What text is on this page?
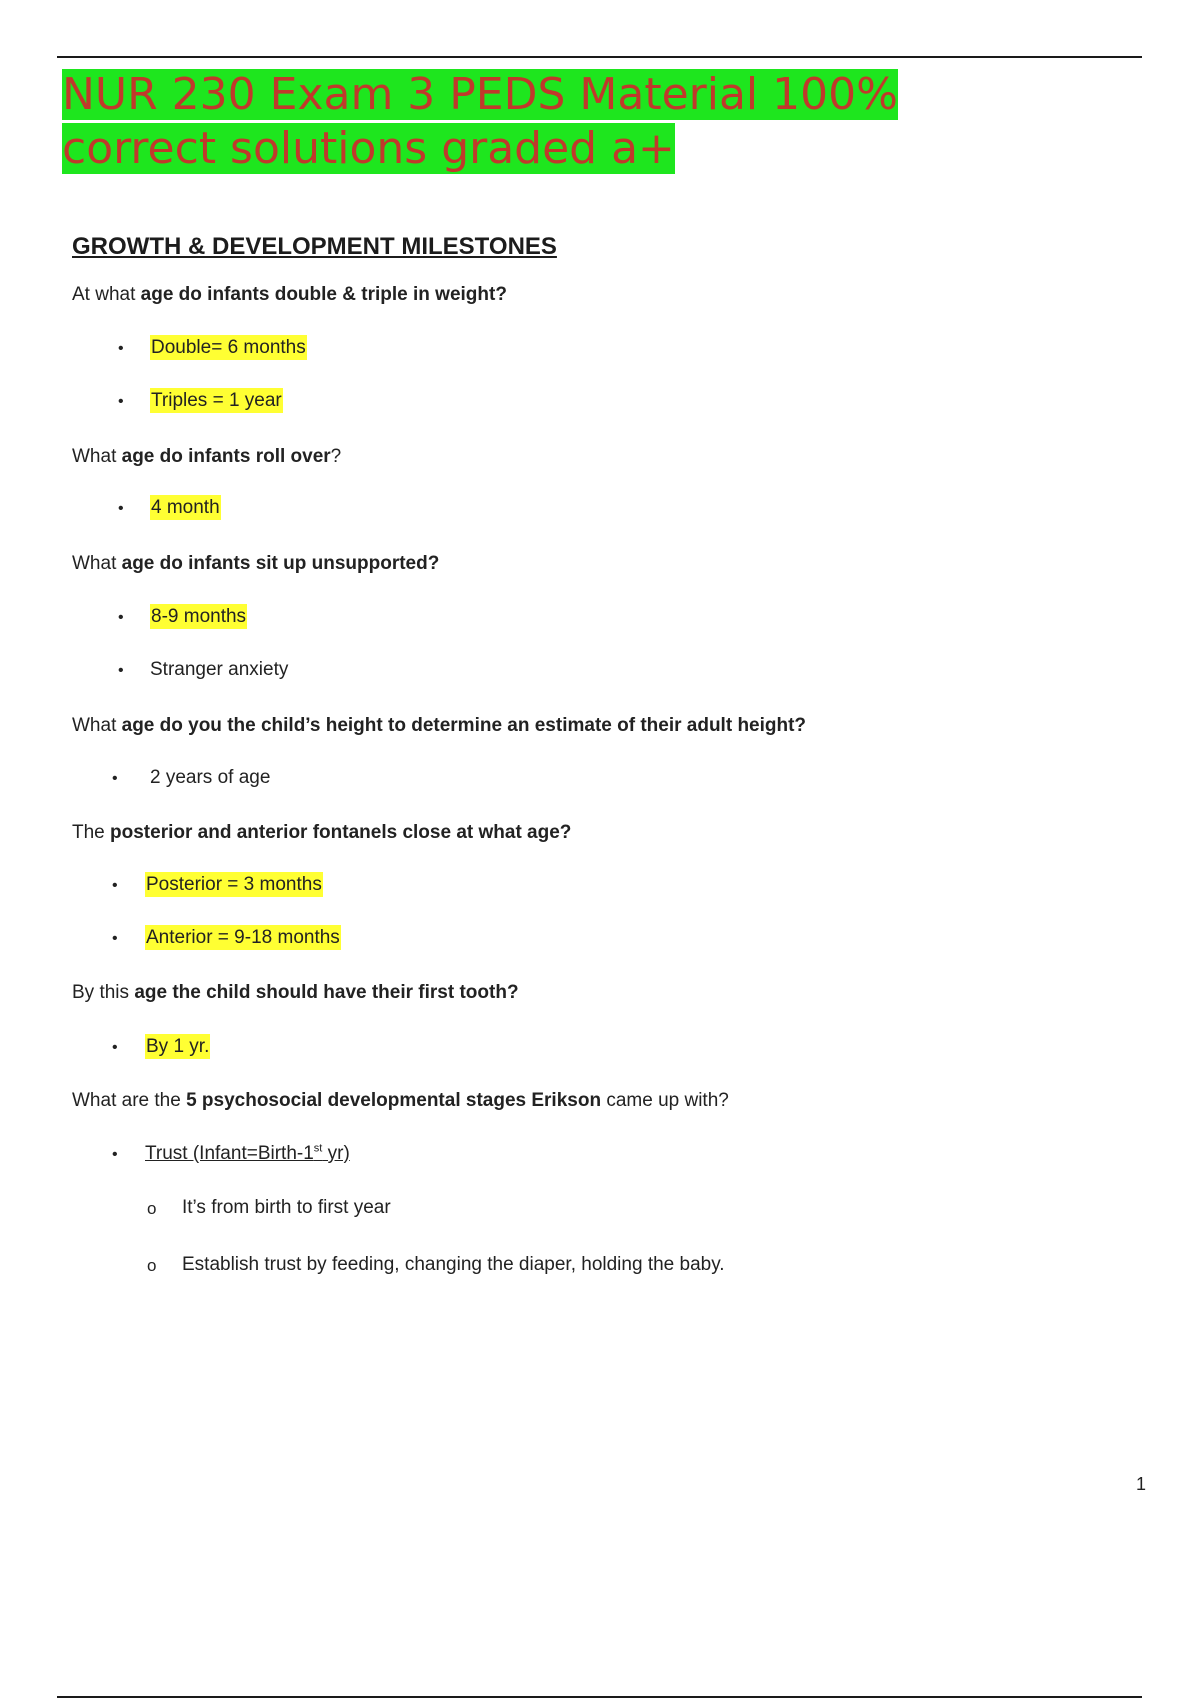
NUR 230 Exam 3 PEDS Material 100% correct solutions graded a+
GROWTH & DEVELOPMENT MILESTONES
At what age do infants double & triple in weight?
• Double= 6 months
• Triples = 1 year
What age do infants roll over?
• 4 month
What age do infants sit up unsupported?
• 8-9 months
• Stranger anxiety
What age do you the child’s height to determine an estimate of their adult height?
• 2 years of age
The posterior and anterior fontanels close at what age?
• Posterior = 3 months
• Anterior = 9-18 months
By this age the child should have their first tooth?
• By 1 yr.
What are the 5 psychosocial developmental stages Erikson came up with?
• Trust (Infant=Birth-1st yr)
o It’s from birth to first year
o Establish trust by feeding, changing the diaper, holding the baby.
1
